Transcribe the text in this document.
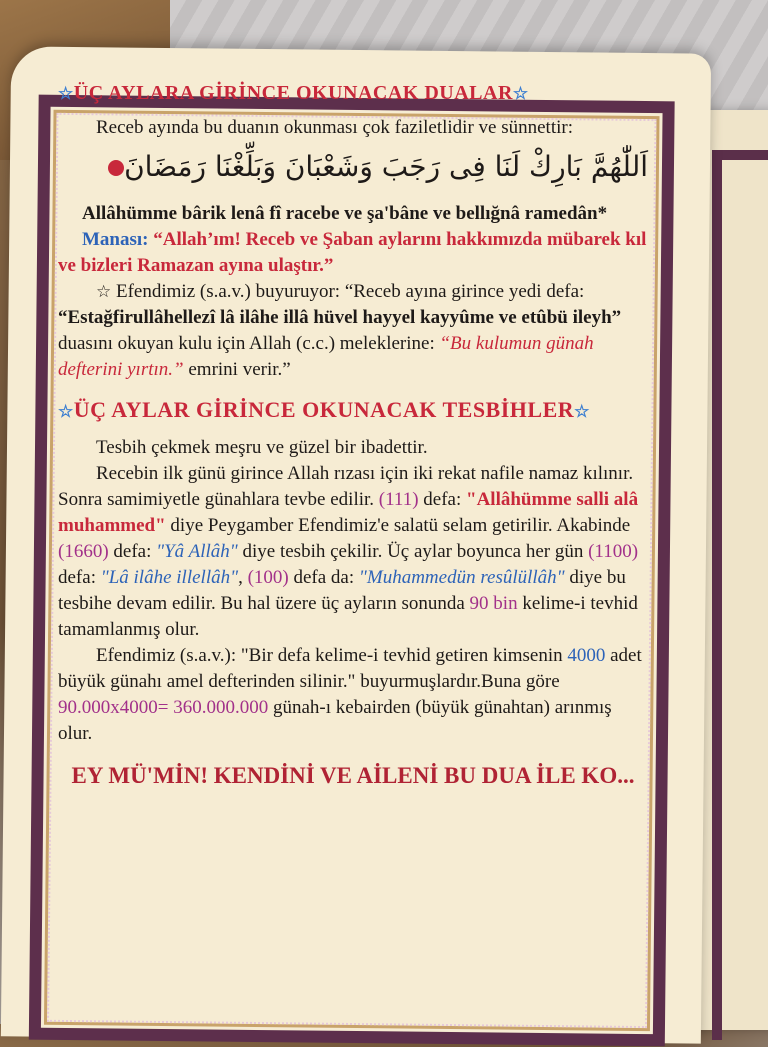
☆ÜÇ AYLARA GİRİNCE OKUNACAK DUALAR☆

Receb ayında bu duanın okunması çok faziletlidir ve sünnettir:

اَللّٰهُمَّ بَارِكْ لَنَا فِى رَجَبَ وَشَعْبَانَ وَبَلِّغْنَا رَمَضَانَ

Allâhümme bârik lenâ fî racebe ve şa'bâne ve bellığnâ ramedân*

Manası: “Allah’ım! Receb ve Şaban aylarını hakkımızda mübarek kıl ve bizleri Ramazan ayına ulaştır.”

☆ Efendimiz (s.a.v.) buyuruyor: “Receb ayına girince yedi defa: “Estağfirullâhellezî lâ ilâhe illâ hüvel hayyel kayyûme ve etûbü ileyh” duasını okuyan kulu için Allah (c.c.) meleklerine: “Bu kulumun günah defterini yırtın.” emrini verir.”

☆ÜÇ AYLAR GİRİNCE OKUNACAK TESBİHLER☆

Tesbih çekmek meşru ve güzel bir ibadettir.

Recebin ilk günü girince Allah rızası için iki rekat nafile namaz kılınır. Sonra samimiyetle günahlara tevbe edilir. (111) defa: "Allâhümme salli alâ muhammed" diye Peygamber Efendimiz'e salatü selam getirilir. Akabinde (1660) defa: "Yâ Allâh" diye tesbih çekilir. Üç aylar boyunca her gün (1100) defa: "Lâ ilâhe illellâh", (100) defa da: "Muhammedün resûlüllâh" diye bu tesbihe devam edilir. Bu hal üzere üç ayların sonunda 90 bin kelime-i tevhid tamamlanmış olur.

Efendimiz (s.a.v.): "Bir defa kelime-i tevhid getiren kimsenin 4000 adet büyük günahı amel defterinden silinir." buyurmuşlardır.Buna göre 90.000x4000= 360.000.000 günah-ı kebairden (büyük günahtan) arınmış olur.

EY MÜ'MİN! KENDİNİ VE AİLENİ BU DUA İLE KO...
